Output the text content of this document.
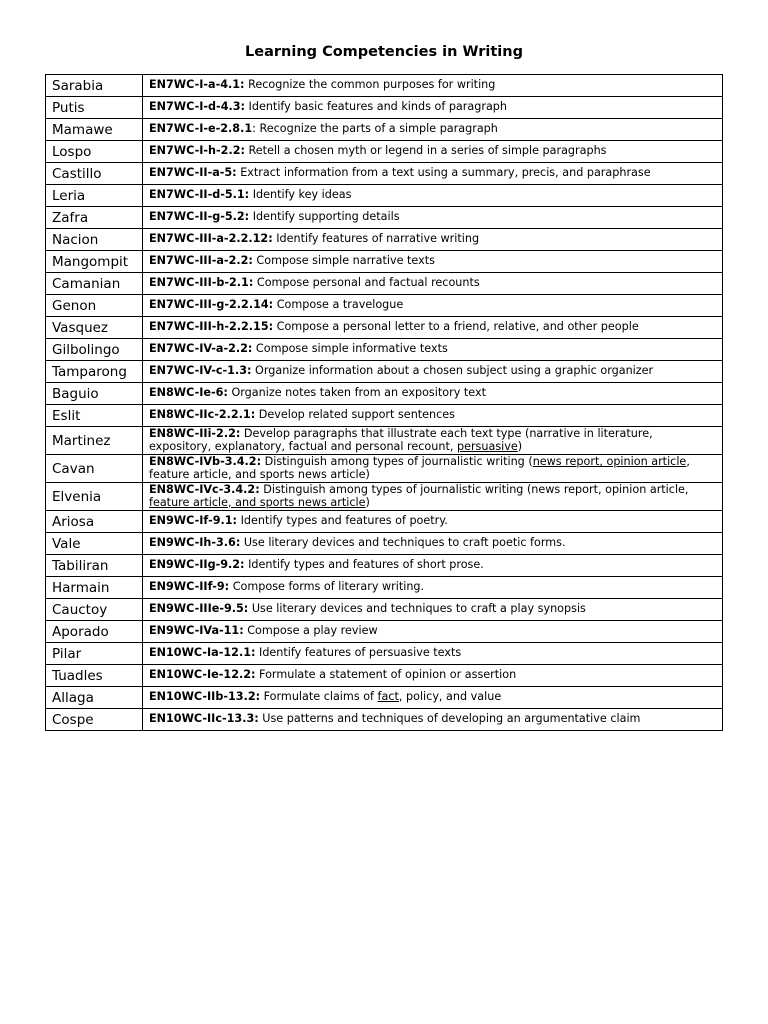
Learning Competencies in Writing
Sarabia	EN7WC-I-a-4.1: Recognize the common purposes for writing
Putis	EN7WC-I-d-4.3: Identify basic features and kinds of paragraph
Mamawe	EN7WC-I-e-2.8.1: Recognize the parts of a simple paragraph
Lospo	EN7WC-I-h-2.2: Retell a chosen myth or legend in a series of simple paragraphs
Castillo	EN7WC-II-a-5: Extract information from a text using a summary, precis, and paraphrase
Leria	EN7WC-II-d-5.1: Identify key ideas
Zafra	EN7WC-II-g-5.2: Identify supporting details
Nacion	EN7WC-III-a-2.2.12: Identify features of narrative writing
Mangompit	EN7WC-III-a-2.2: Compose simple narrative texts
Camanian	EN7WC-III-b-2.1: Compose personal and factual recounts
Genon	EN7WC-III-g-2.2.14: Compose a travelogue
Vasquez	EN7WC-III-h-2.2.15: Compose a personal letter to a friend, relative, and other people
Gilbolingo	EN7WC-IV-a-2.2: Compose simple informative texts
Tamparong	EN7WC-IV-c-1.3: Organize information about a chosen subject using a graphic organizer
Baguio	EN8WC-Ie-6: Organize notes taken from an expository text
Eslit	EN8WC-IIc-2.2.1: Develop related support sentences
Martinez	EN8WC-IIi-2.2: Develop paragraphs that illustrate each text type (narrative in literature, expository, explanatory, factual and personal recount, persuasive)
Cavan	EN8WC-IVb-3.4.2: Distinguish among types of journalistic writing (news report, opinion article, feature article, and sports news article)
Elvenia	EN8WC-IVc-3.4.2: Distinguish among types of journalistic writing (news report, opinion article, feature article, and sports news article)
Ariosa	EN9WC-If-9.1: Identify types and features of poetry.
Vale	EN9WC-Ih-3.6: Use literary devices and techniques to craft poetic forms.
Tabiliran	EN9WC-IIg-9.2: Identify types and features of short prose.
Harmain	EN9WC-IIf-9: Compose forms of literary writing.
Cauctoy	EN9WC-IIIe-9.5: Use literary devices and techniques to craft a play synopsis
Aporado	EN9WC-IVa-11: Compose a play review
Pilar	EN10WC-Ia-12.1: Identify features of persuasive texts
Tuadles	EN10WC-Ie-12.2: Formulate a statement of opinion or assertion
Allaga	EN10WC-IIb-13.2: Formulate claims of fact, policy, and value
Cospe	EN10WC-IIc-13.3: Use patterns and techniques of developing an argumentative claim
